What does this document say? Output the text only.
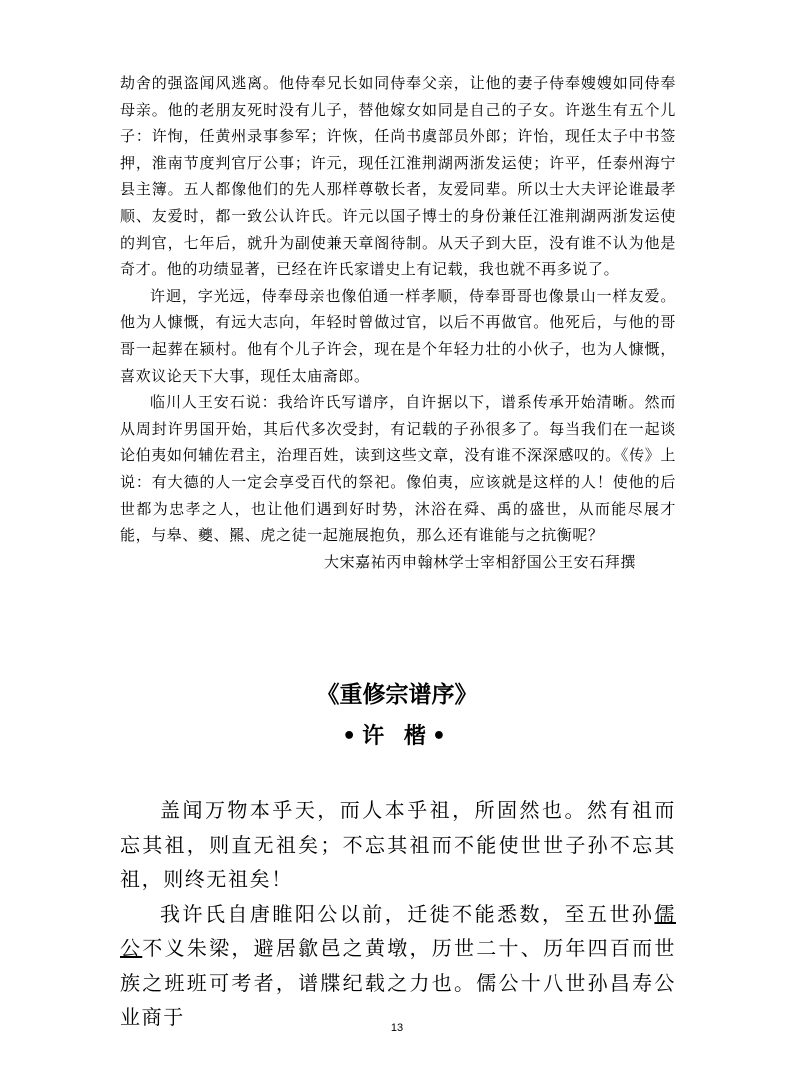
劫舍的强盗闻风逃离。他侍奉兄长如同侍奉父亲，让他的妻子侍奉嫂嫂如同侍奉母亲。他的老朋友死时没有儿子，替他嫁女如同是自己的子女。许逖生有五个儿子：许恂，任黄州录事参军；许恢，任尚书虞部员外郎；许怡，现任太子中书签押，淮南节度判官厅公事；许元，现任江淮荆湖两浙发运使；许平，任泰州海宁县主簿。五人都像他们的先人那样尊敬长者，友爱同辈。所以士大夫评论谁最孝顺、友爱时，都一致公认许氏。许元以国子博士的身份兼任江淮荆湖两浙发运使的判官，七年后，就升为副使兼天章阁待制。从天子到大臣，没有谁不认为他是奇才。他的功绩显著，已经在许氏家谱史上有记载，我也就不再多说了。

许迥，字光远，侍奉母亲也像伯通一样孝顺，侍奉哥哥也像景山一样友爱。他为人慷慨，有远大志向，年轻时曾做过官，以后不再做官。他死后，与他的哥哥一起葬在颍村。他有个儿子许会，现在是个年轻力壮的小伙子，也为人慷慨，喜欢议论天下大事，现任太庙斋郎。

临川人王安石说：我给许氏写谱序，自许据以下，谱系传承开始清晰。然而从周封许男国开始，其后代多次受封，有记载的子孙很多了。每当我们在一起谈论伯夷如何辅佐君主，治理百姓，读到这些文章，没有谁不深深感叹的。《传》上说：有大德的人一定会享受百代的祭祀。像伯夷，应该就是这样的人！使他的后世都为忠孝之人，也让他们遇到好时势，沐浴在舜、禹的盛世，从而能尽展才能，与皋、夔、羆、虎之徒一起施展抱负，那么还有谁能与之抗衡呢？

大宋嘉祐丙申翰林学士宰相舒国公王安石拜撰

《重修宗谱序》
•许 楷•

盖闻万物本乎天，而人本乎祖，所固然也。然有祖而忘其祖，则直无祖矣；不忘其祖而不能使世世子孙不忘其祖，则终无祖矣！

我许氏自唐睢阳公以前，迁徙不能悉数，至五世孙儒公不义朱梁，避居歙邑之黄墩，历世二十、历年四百而世族之班班可考者，谱牒纪载之力也。儒公十八世孙昌寿公业商于	13
